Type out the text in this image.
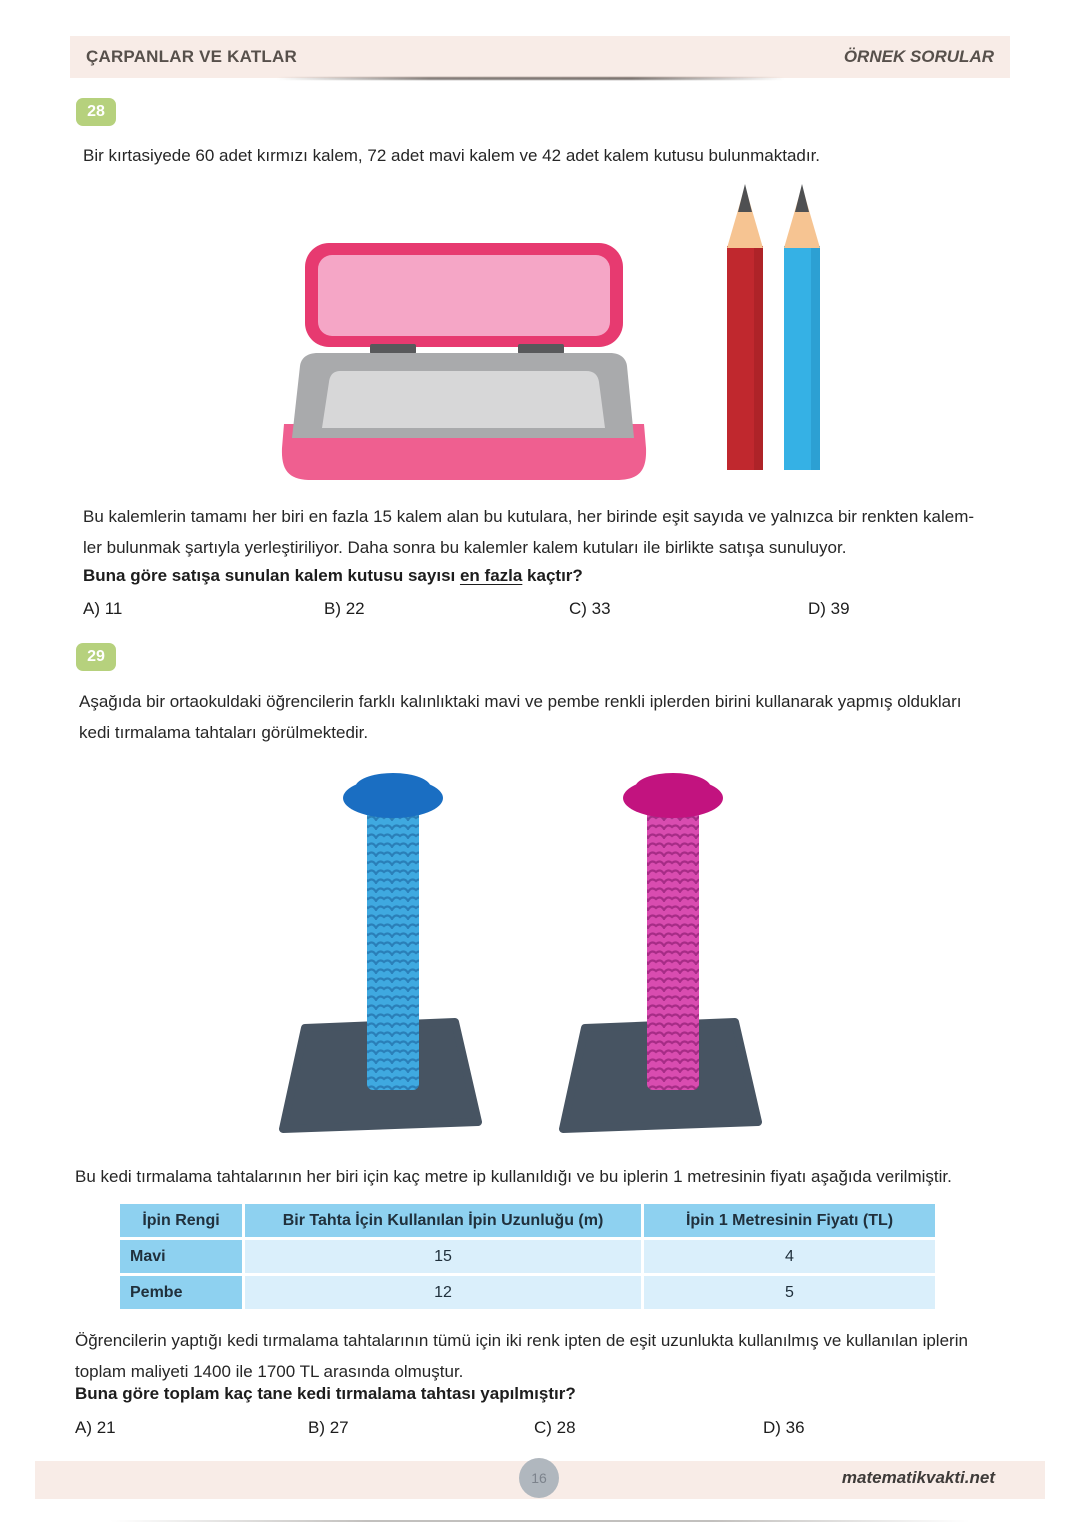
ÇARPANLAR VE KATLAR	ÖRNEK SORULAR
28
Bir kırtasiyede 60 adet kırmızı kalem, 72 adet mavi kalem ve 42 adet kalem kutusu bulunmaktadır.
Bu kalemlerin tamamı her biri en fazla 15 kalem alan bu kutulara, her birinde eşit sayıda ve yalnızca bir renkten kalem-
ler bulunmak şartıyla yerleştiriliyor. Daha sonra bu kalemler kalem kutuları ile birlikte satışa sunuluyor.
Buna göre satışa sunulan kalem kutusu sayısı en fazla kaçtır?
A) 11	B) 22	C) 33	D) 39
29
Aşağıda bir ortaokuldaki öğrencilerin farklı kalınlıktaki mavi ve pembe renkli iplerden birini kullanarak yapmış oldukları
kedi tırmalama tahtaları görülmektedir.
Bu kedi tırmalama tahtalarının her biri için kaç metre ip kullanıldığı ve bu iplerin 1 metresinin fiyatı aşağıda verilmiştir.
İpin Rengi	Bir Tahta İçin Kullanılan İpin Uzunluğu (m)	İpin 1 Metresinin Fiyatı (TL)
Mavi	15	4
Pembe	12	5
Öğrencilerin yaptığı kedi tırmalama tahtalarının tümü için iki renk ipten de eşit uzunlukta kullanılmış ve kullanılan iplerin
toplam maliyeti 1400 ile 1700 TL arasında olmuştur.
Buna göre toplam kaç tane kedi tırmalama tahtası yapılmıştır?
A) 21	B) 27	C) 28	D) 36
16	matematikvakti.net
